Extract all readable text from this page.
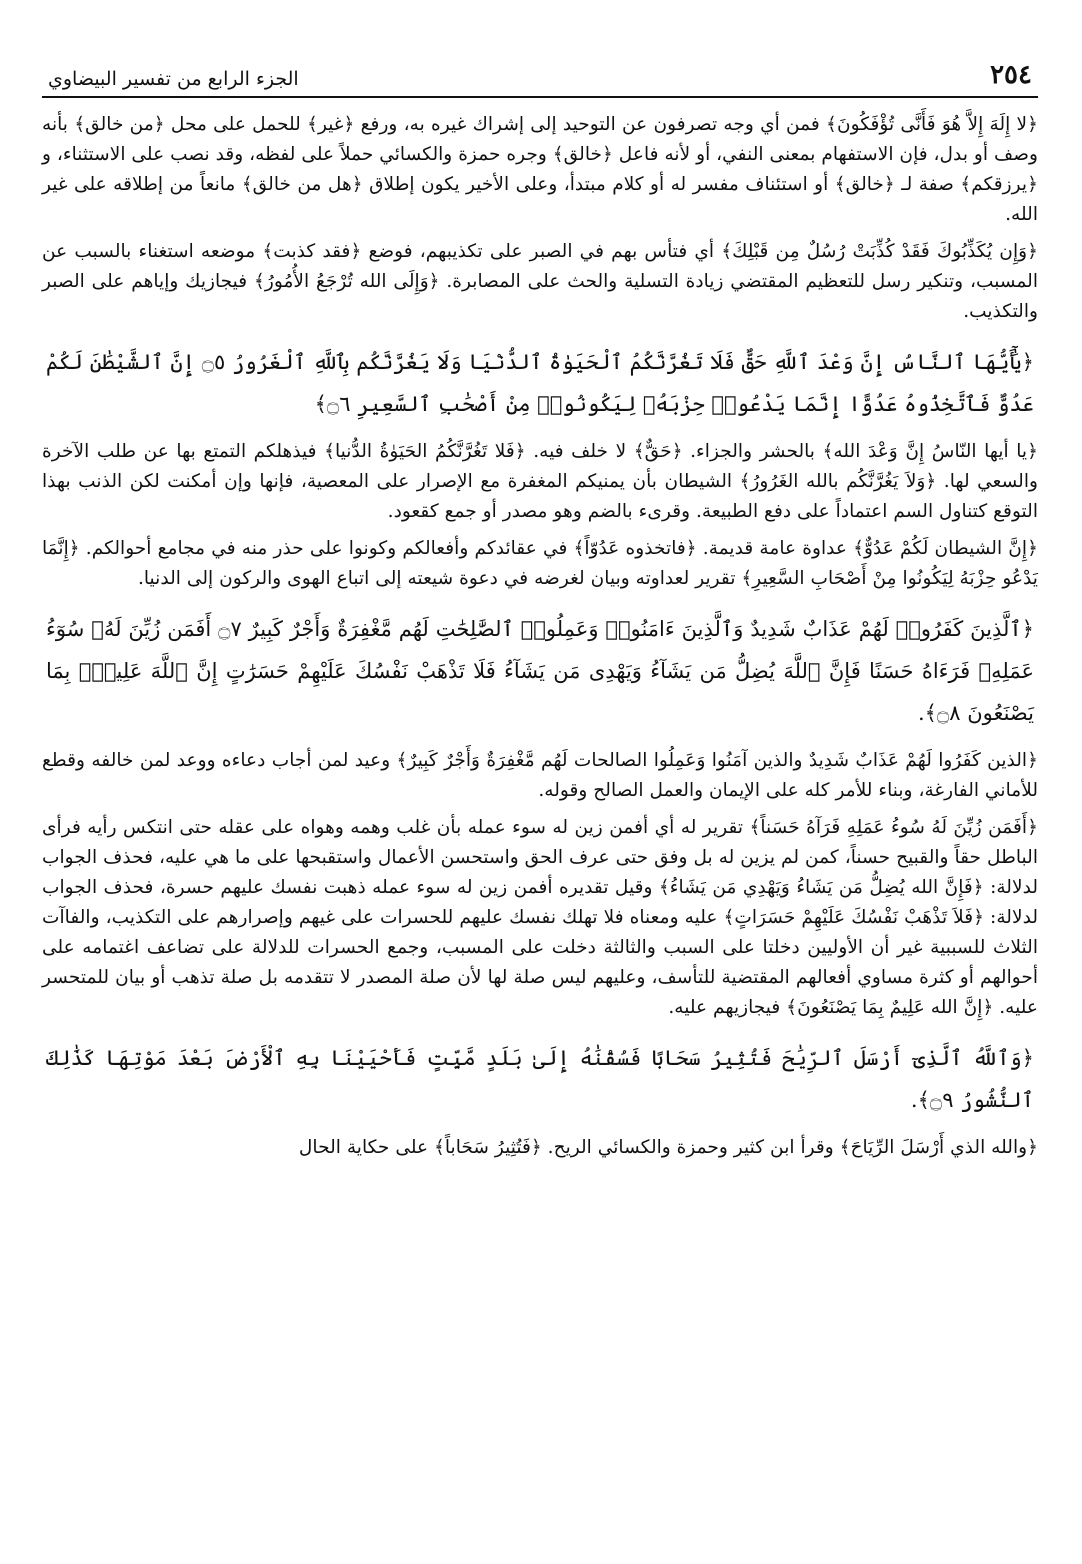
٢٥٤
الجزء الرابع من تفسير البيضاوي

﴿لا إِلَهَ إِلاَّ هُوَ فَأَنَّى تُؤْفَكُونَ﴾ فمن أي وجه تصرفون عن التوحيد إلى إشراك غيره به، ورفع ﴿غير﴾ للحمل على محل ﴿من خالق﴾ بأنه وصف أو بدل، فإن الاستفهام بمعنى النفي، أو لأنه فاعل ﴿خالق﴾ وجره حمزة والكسائي حملاً على لفظه، وقد نصب على الاستثناء، و ﴿يرزقكم﴾ صفة لـ ﴿خالق﴾ أو استئناف مفسر له أو كلام مبتدأ، وعلى الأخير يكون إطلاق ﴿هل من خالق﴾ مانعاً من إطلاقه على غير الله.

﴿وَإِن يُكَذِّبُوكَ فَقَدْ كُذِّبَتْ رُسُلٌ مِن قَبْلِكَ﴾ أي فتأس بهم في الصبر على تكذيبهم، فوضع ﴿فقد كذبت﴾ موضعه استغناء بالسبب عن المسبب، وتنكير رسل للتعظيم المقتضي زيادة التسلية والحث على المصابرة. ﴿وَإِلَى الله تُرْجَعُ الأُمُورُ﴾ فيجازيك وإياهم على الصبر والتكذيب.

﴿يَٰٓأَيُّهَا ٱلنَّاسُ إِنَّ وَعْدَ ٱللَّهِ حَقٌّ فَلَا تَغُرَّنَّكُمُ ٱلْحَيَوٰةُ ٱلدُّنْيَا وَلَا يَغُرَّنَّكُم بِٱللَّهِ ٱلْغَرُورُ ۝٥ إِنَّ ٱلشَّيْطَٰنَ لَكُمْ عَدُوٌّ فَٱتَّخِذُوهُ عَدُوًّا إِنَّمَا يَدْعُوا۟ حِزْبَهُۥ لِيَكُونُوا۟ مِنْ أَصْحَٰبِ ٱلسَّعِيرِ ۝٦﴾

﴿يا أيها النّاسُ إِنَّ وَعْدَ الله﴾ بالحشر والجزاء. ﴿حَقٌّ﴾ لا خلف فيه. ﴿فَلا تَغُرَّنَّكُمُ الحَيَوٰةُ الدُّنيا﴾ فيذهلكم التمتع بها عن طلب الآخرة والسعي لها. ﴿وَلاَ يَغُرَّنَّكُم بالله الغَرُورُ﴾ الشيطان بأن يمنيكم المغفرة مع الإصرار على المعصية، فإنها وإن أمكنت لكن الذنب بهذا التوقع كتناول السم اعتماداً على دفع الطبيعة. وقرىء بالضم وهو مصدر أو جمع كقعود.

﴿إِنَّ الشيطان لَكُمْ عَدُوٌّ﴾ عداوة عامة قديمة. ﴿فاتخذوه عَدُوّاً﴾ في عقائدكم وأفعالكم وكونوا على حذر منه في مجامع أحوالكم. ﴿إِنَّمَا يَدْعُو حِزْبَهُ لِيَكُونُوا مِنْ أَصْحَابِ السَّعِيرِ﴾ تقرير لعداوته وبيان لغرضه في دعوة شيعته إلى اتباع الهوى والركون إلى الدنيا.

﴿ٱلَّذِينَ كَفَرُوا۟ لَهُمْ عَذَابٌ شَدِيدٌ وَٱلَّذِينَ ءَامَنُوا۟ وَعَمِلُوا۟ ٱلصَّٰلِحَٰتِ لَهُم مَّغْفِرَةٌ وَأَجْرٌ كَبِيرٌ ۝٧ أَفَمَن زُيِّنَ لَهُۥ سُوٓءُ عَمَلِهِۦ فَرَءَاهُ حَسَنًا فَإِنَّ ٱللَّهَ يُضِلُّ مَن يَشَآءُ وَيَهْدِى مَن يَشَآءُ فَلَا تَذْهَبْ نَفْسُكَ عَلَيْهِمْ حَسَرَٰتٍ إِنَّ ٱللَّهَ عَلِيمٌۢ بِمَا يَصْنَعُونَ ۝٨﴾.

﴿الذين كَفَرُوا لَهُمْ عَذَابٌ شَدِيدٌ والذين آمَنُوا وَعَمِلُوا الصالحات لَهُم مَّغْفِرَةٌ وَأَجْرٌ كَبِيرٌ﴾ وعيد لمن أجاب دعاءه ووعد لمن خالفه وقطع للأماني الفارغة، وبناء للأمر كله على الإيمان والعمل الصالح وقوله.

﴿أَفَمَن زُيِّنَ لَهُ سُوءُ عَمَلِهِ فَرَآهُ حَسَناً﴾ تقرير له أي أفمن زين له سوء عمله بأن غلب وهمه وهواه على عقله حتى انتكس رأيه فرأى الباطل حقاً والقبيح حسناً، كمن لم يزين له بل وفق حتى عرف الحق واستحسن الأعمال واستقبحها على ما هي عليه، فحذف الجواب لدلالة: ﴿فَإِنَّ الله يُضِلُّ مَن يَشَاءُ وَيَهْدِي مَن يَشَاءُ﴾ وقيل تقديره أفمن زين له سوء عمله ذهبت نفسك عليهم حسرة، فحذف الجواب لدلالة: ﴿فَلاَ تَذْهَبْ نَفْسُكَ عَلَيْهِمْ حَسَرَاتٍ﴾ عليه ومعناه فلا تهلك نفسك عليهم للحسرات على غيهم وإصرارهم على التكذيب، والفاآت الثلاث للسببية غير أن الأوليين دخلتا على السبب والثالثة دخلت على المسبب، وجمع الحسرات للدلالة على تضاعف اغتمامه على أحوالهم أو كثرة مساوي أفعالهم المقتضية للتأسف، وعليهم ليس صلة لها لأن صلة المصدر لا تتقدمه بل صلة تذهب أو بيان للمتحسر عليه. ﴿إِنَّ الله عَلِيمٌ بِمَا يَصْنَعُونَ﴾ فيجازيهم عليه.

﴿وَٱللَّهُ ٱلَّذِىٓ أَرْسَلَ ٱلرِّيَٰحَ فَتُثِيرُ سَحَابًا فَسُقْنَٰهُ إِلَىٰ بَلَدٍ مَّيِّتٍ فَأَحْيَيْنَا بِهِ ٱلْأَرْضَ بَعْدَ مَوْتِهَا كَذَٰلِكَ ٱلنُّشُورُ ۝٩﴾.

﴿والله الذي أَرْسَلَ الرِّيَاحَ﴾ وقرأ ابن كثير وحمزة والكسائي الريح. ﴿فَتُثِيرُ سَحَاباً﴾ على حكاية الحال
